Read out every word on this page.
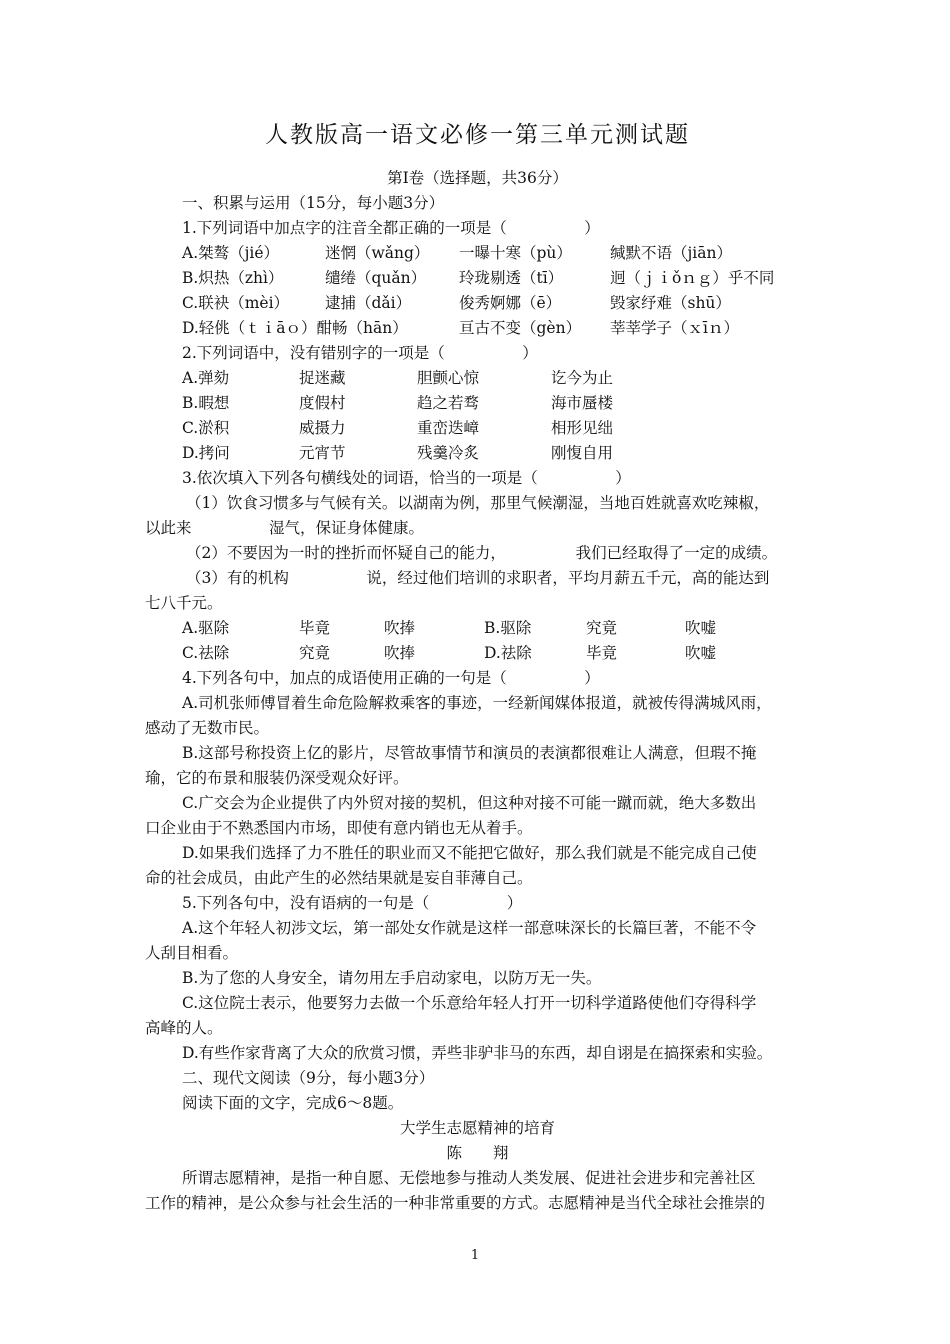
人教版高一语文必修一第三单元测试题
第Ⅰ卷（选择题，共36分）
一、积累与运用（15分，每小题3分）
1.下列词语中加点字的注音全都正确的一项是（　　　　　）
A.桀骜（jié）	迷惘（wǎng） 一曝十寒（pù） 缄默不语（jiān）
B.炽热（zhì）	缱绻（quǎn） 玲珑剔透（tī）	迥（ｊｉǒｎｇ）乎不同
C.联袂（mèi） 逮捕（dǎi）	俊秀婀娜（ē）	毁家纾难（shū）
D.轻佻（ｔｉāｏ）酣畅（hān）	亘古不变（gèn） 莘莘学子（ｘīｎ）
2.下列词语中，没有错别字的一项是（　　　　　）
A.弹劾	捉迷藏	胆颤心惊	讫今为止
B.暇想	度假村	趋之若骛	海市蜃楼
C.淤积	威摄力	重峦迭嶂	相形见绌
D.拷问	元宵节	残羹冷炙	刚愎自用
3.依次填入下列各句横线处的词语，恰当的一项是（　　　　　）
（1）饮食习惯多与气候有关。以湖南为例，那里气候潮湿，当地百姓就喜欢吃辣椒，
以此来　　　　　湿气，保证身体健康。
（2）不要因为一时的挫折而怀疑自己的能力，　　　　　我们已经取得了一定的成绩。
（3）有的机构　　　　　说，经过他们培训的求职者，平均月薪五千元，高的能达到
七八千元。
A.驱除	毕竟	吹捧	B.驱除	究竟	吹嘘
C.祛除	究竟	吹捧	D.祛除	毕竟	吹嘘
4.下列各句中，加点的成语使用正确的一句是（　　　　　）
A.司机张师傅冒着生命危险解救乘客的事迹，一经新闻媒体报道，就被传得满城风雨，
感动了无数市民。
B.这部号称投资上亿的影片，尽管故事情节和演员的表演都很难让人满意，但瑕不掩
瑜，它的布景和服装仍深受观众好评。
C.广交会为企业提供了内外贸对接的契机，但这种对接不可能一蹴而就，绝大多数出
口企业由于不熟悉国内市场，即使有意内销也无从着手。
D.如果我们选择了力不胜任的职业而又不能把它做好，那么我们就是不能完成自己使
命的社会成员，由此产生的必然结果就是妄自菲薄自己。
5.下列各句中，没有语病的一句是（　　　　　）
A.这个年轻人初涉文坛，第一部处女作就是这样一部意味深长的长篇巨著，不能不令
人刮目相看。
B.为了您的人身安全，请勿用左手启动家电，以防万无一失。
C.这位院士表示，他要努力去做一个乐意给年轻人打开一切科学道路使他们夺得科学
高峰的人。
D.有些作家背离了大众的欣赏习惯，弄些非驴非马的东西，却自诩是在搞探索和实验。
二、现代文阅读（9分，每小题3分）
阅读下面的文字，完成6～8题。
大学生志愿精神的培育
陈　　翔
所谓志愿精神，是指一种自愿、无偿地参与推动人类发展、促进社会进步和完善社区
工作的精神，是公众参与社会生活的一种非常重要的方式。志愿精神是当代全球社会推崇的
1
